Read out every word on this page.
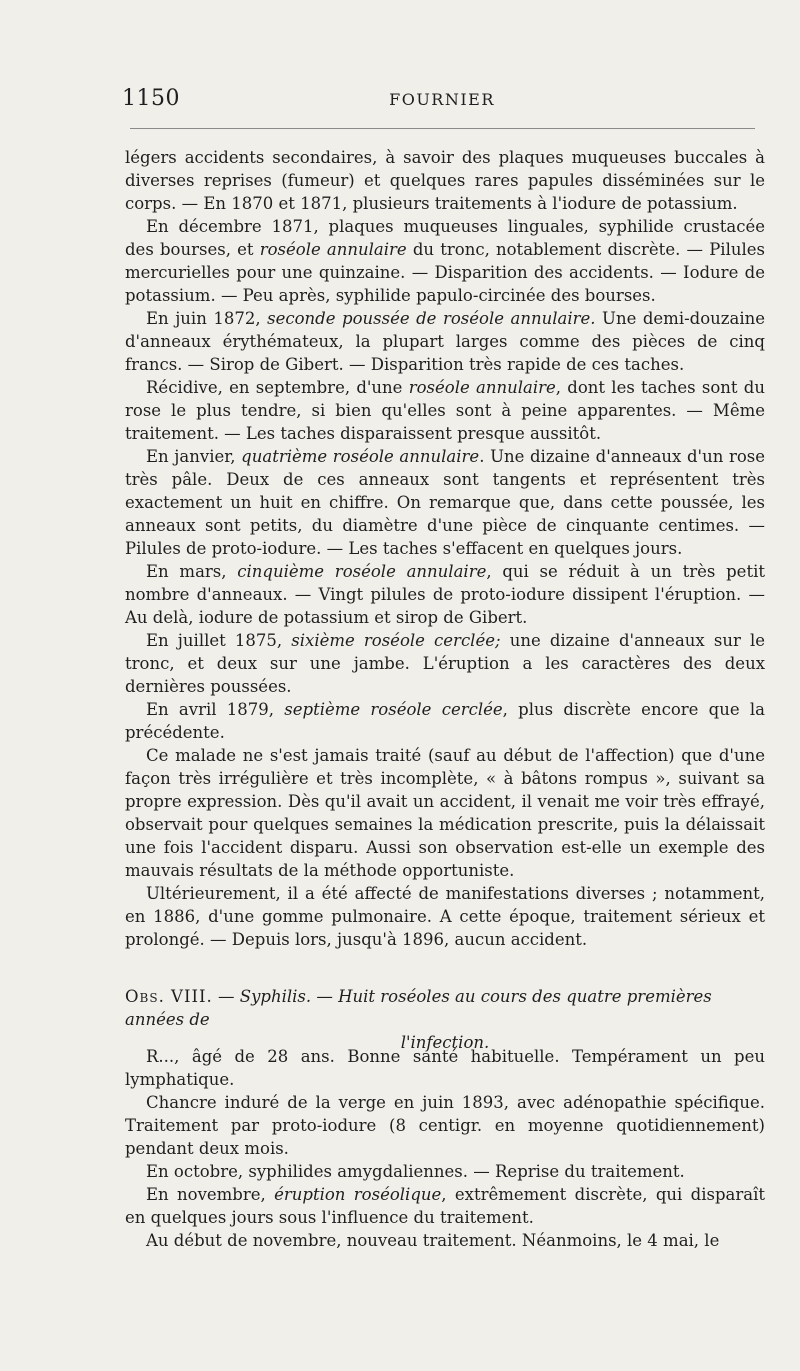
1150	FOURNIER

légers accidents secondaires, à savoir des plaques muqueuses buccales à diverses reprises (fumeur) et quelques rares papules disséminées sur le corps. — En 1870 et 1871, plusieurs traitements à l'iodure de potassium.

En décembre 1871, plaques muqueuses linguales, syphilide crustacée des bourses, et roséole annulaire du tronc, notablement discrète. — Pilules mercurielles pour une quinzaine. — Disparition des accidents. — Iodure de potassium. — Peu après, syphilide papulo-circinée des bourses.

En juin 1872, seconde poussée de roséole annulaire. Une demi-douzaine d'anneaux érythémateux, la plupart larges comme des pièces de cinq francs. — Sirop de Gibert. — Disparition très rapide de ces taches.

Récidive, en septembre, d'une roséole annulaire, dont les taches sont du rose le plus tendre, si bien qu'elles sont à peine apparentes. — Même traitement. — Les taches disparaissent presque aussitôt.

En janvier, quatrième roséole annulaire. Une dizaine d'anneaux d'un rose très pâle. Deux de ces anneaux sont tangents et représentent très exactement un huit en chiffre. On remarque que, dans cette poussée, les anneaux sont petits, du diamètre d'une pièce de cinquante centimes. — Pilules de proto-iodure. — Les taches s'effacent en quelques jours.

En mars, cinquième roséole annulaire, qui se réduit à un très petit nombre d'anneaux. — Vingt pilules de proto-iodure dissipent l'éruption. — Au delà, iodure de potassium et sirop de Gibert.

En juillet 1875, sixième roséole cerclée; une dizaine d'anneaux sur le tronc, et deux sur une jambe. L'éruption a les caractères des deux dernières poussées.

En avril 1879, septième roséole cerclée, plus discrète encore que la précédente.

Ce malade ne s'est jamais traité (sauf au début de l'affection) que d'une façon très irrégulière et très incomplète, « à bâtons rompus », suivant sa propre expression. Dès qu'il avait un accident, il venait me voir très effrayé, observait pour quelques semaines la médication prescrite, puis la délaissait une fois l'accident disparu. Aussi son observation est-elle un exemple des mauvais résultats de la méthode opportuniste.

Ultérieurement, il a été affecté de manifestations diverses ; notamment, en 1886, d'une gomme pulmonaire. A cette époque, traitement sérieux et prolongé. — Depuis lors, jusqu'à 1896, aucun accident.

Obs. VIII. — Syphilis. — Huit roséoles au cours des quatre premières années de
l'infection.

R..., âgé de 28 ans. Bonne santé habituelle. Tempérament un peu lymphatique.

Chancre induré de la verge en juin 1893, avec adénopathie spécifique. Traitement par proto-iodure (8 centigr. en moyenne quotidiennement) pendant deux mois.

En octobre, syphilides amygdaliennes. — Reprise du traitement.

En novembre, éruption roséolique, extrêmement discrète, qui disparaît en quelques jours sous l'influence du traitement.

Au début de novembre, nouveau traitement. Néanmoins, le 4 mai, le
